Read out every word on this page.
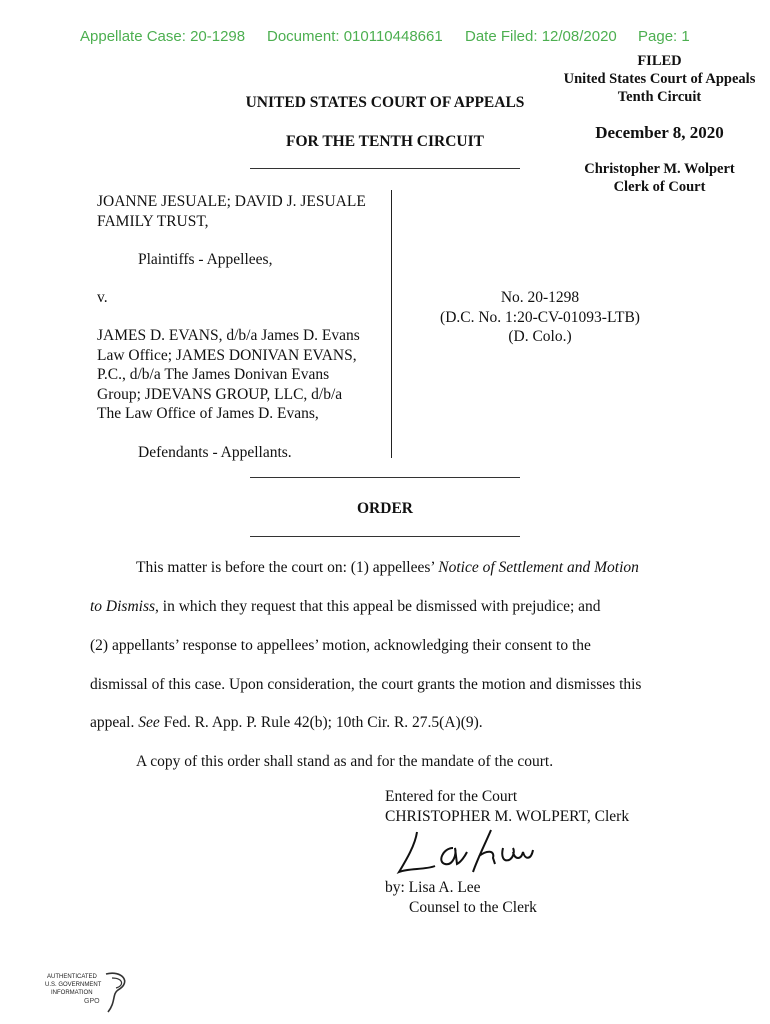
Appellate Case: 20-1298 Document: 010110448661 Date Filed: 12/08/2020 Page: 1
FILED
United States Court of Appeals
Tenth Circuit
December 8, 2020
Christopher M. Wolpert
Clerk of Court
UNITED STATES COURT OF APPEALS
FOR THE TENTH CIRCUIT
JOANNE JESUALE; DAVID J. JESUALE
FAMILY TRUST,
Plaintiffs - Appellees,
v.
JAMES D. EVANS, d/b/a James D. Evans
Law Office; JAMES DONIVAN EVANS,
P.C., d/b/a The James Donivan Evans
Group; JDEVANS GROUP, LLC, d/b/a
The Law Office of James D. Evans,
Defendants - Appellants.
No. 20-1298
(D.C. No. 1:20-CV-01093-LTB)
(D. Colo.)
ORDER
This matter is before the court on: (1) appellees’ Notice of Settlement and Motion
to Dismiss, in which they request that this appeal be dismissed with prejudice; and
(2) appellants’ response to appellees’ motion, acknowledging their consent to the
dismissal of this case. Upon consideration, the court grants the motion and dismisses this
appeal. See Fed. R. App. P. Rule 42(b); 10th Cir. R. 27.5(A)(9).
A copy of this order shall stand as and for the mandate of the court.
Entered for the Court
CHRISTOPHER M. WOLPERT, Clerk
by: Lisa A. Lee
Counsel to the Clerk
AUTHENTICATED
U.S. GOVERNMENT
INFORMATION
GPO
